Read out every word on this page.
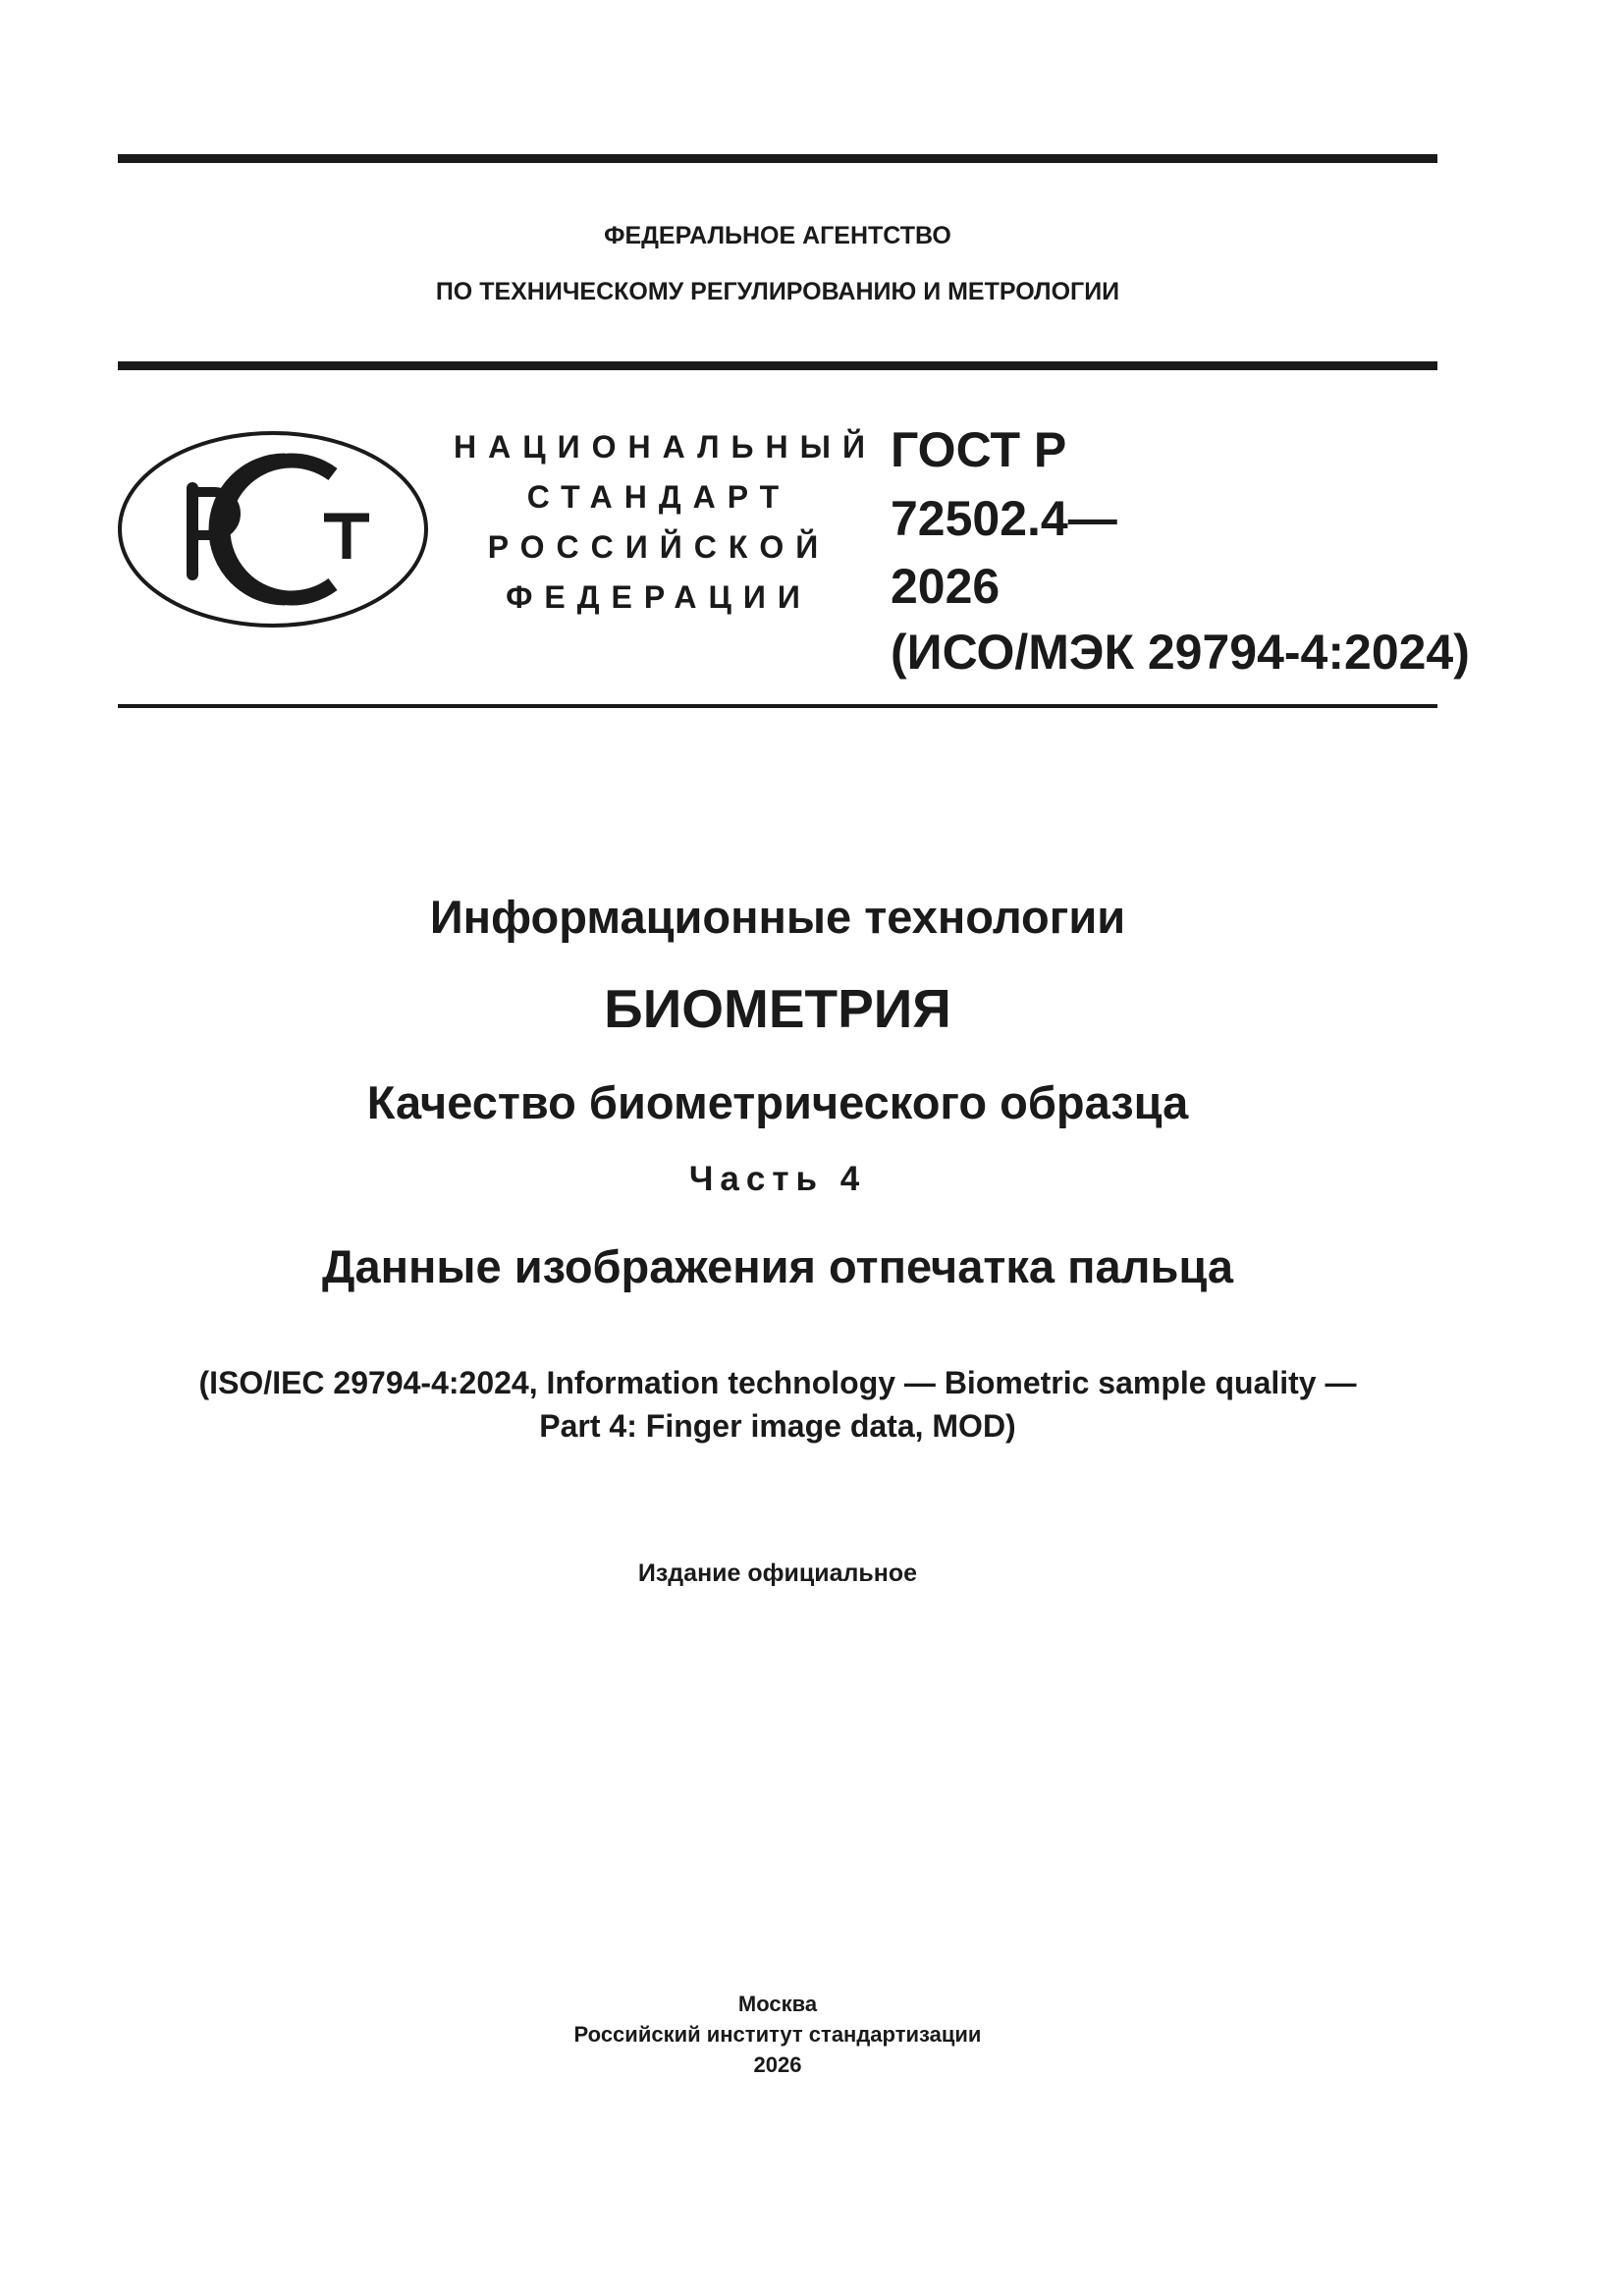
ФЕДЕРАЛЬНОЕ АГЕНТСТВО
ПО ТЕХНИЧЕСКОМУ РЕГУЛИРОВАНИЮ И МЕТРОЛОГИИ
НАЦИОНАЛЬНЫЙ
СТАНДАРТ
РОССИЙСКОЙ
ФЕДЕРАЦИИ
ГОСТ Р
72502.4—
2026
(ИСО/МЭК 29794-4:2024)
Информационные технологии
БИОМЕТРИЯ
Качество биометрического образца
Часть 4
Данные изображения отпечатка пальца
(ISO/IEC 29794-4:2024, Information technology — Biometric sample quality —
Part 4: Finger image data, MOD)
Издание официальное
Москва
Российский институт стандартизации
2026
